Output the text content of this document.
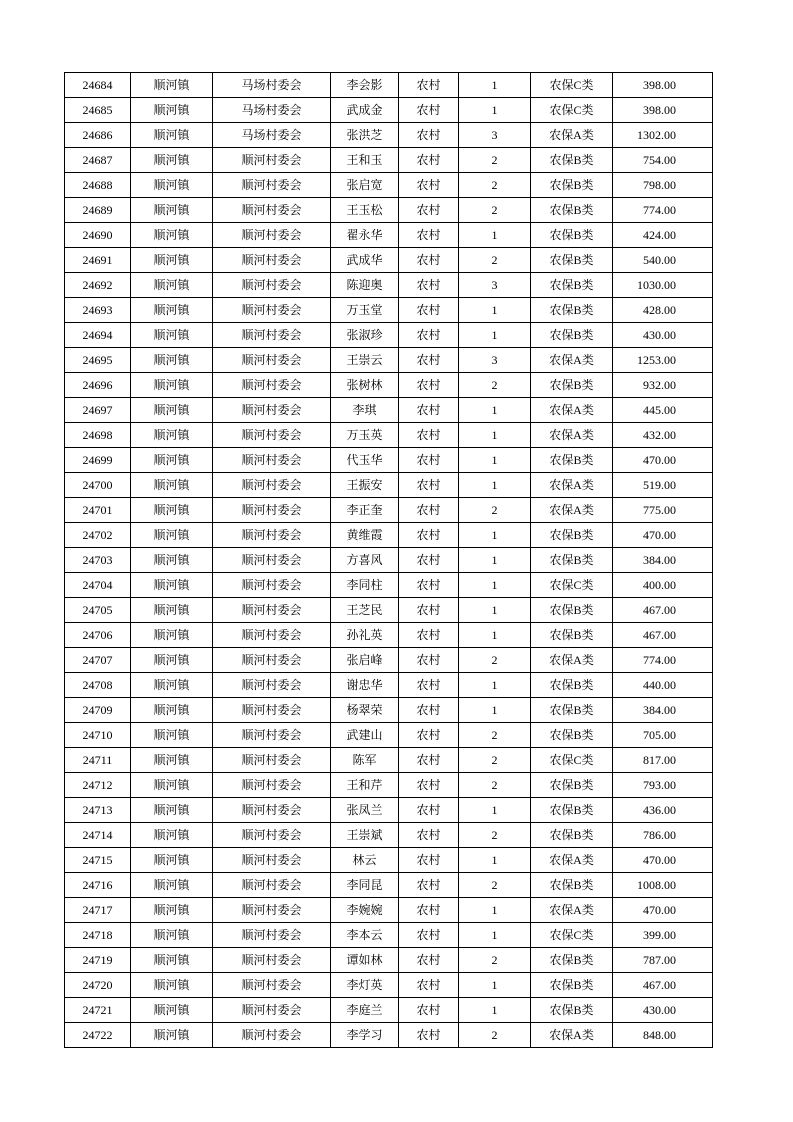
24684	顺河镇	马场村委会	李会影	农村	1	农保C类	398.00
24685	顺河镇	马场村委会	武成金	农村	1	农保C类	398.00
24686	顺河镇	马场村委会	张洪芝	农村	3	农保A类	1302.00
24687	顺河镇	顺河村委会	王和玉	农村	2	农保B类	754.00
24688	顺河镇	顺河村委会	张启宽	农村	2	农保B类	798.00
24689	顺河镇	顺河村委会	王玉松	农村	2	农保B类	774.00
24690	顺河镇	顺河村委会	翟永华	农村	1	农保B类	424.00
24691	顺河镇	顺河村委会	武成华	农村	2	农保B类	540.00
24692	顺河镇	顺河村委会	陈迎奥	农村	3	农保B类	1030.00
24693	顺河镇	顺河村委会	万玉堂	农村	1	农保B类	428.00
24694	顺河镇	顺河村委会	张淑珍	农村	1	农保B类	430.00
24695	顺河镇	顺河村委会	王崇云	农村	3	农保A类	1253.00
24696	顺河镇	顺河村委会	张树林	农村	2	农保B类	932.00
24697	顺河镇	顺河村委会	李琪	农村	1	农保A类	445.00
24698	顺河镇	顺河村委会	万玉英	农村	1	农保A类	432.00
24699	顺河镇	顺河村委会	代玉华	农村	1	农保B类	470.00
24700	顺河镇	顺河村委会	王振安	农村	1	农保A类	519.00
24701	顺河镇	顺河村委会	李正奎	农村	2	农保A类	775.00
24702	顺河镇	顺河村委会	黄维霞	农村	1	农保B类	470.00
24703	顺河镇	顺河村委会	方喜风	农村	1	农保B类	384.00
24704	顺河镇	顺河村委会	李同柱	农村	1	农保C类	400.00
24705	顺河镇	顺河村委会	王芝民	农村	1	农保B类	467.00
24706	顺河镇	顺河村委会	孙礼英	农村	1	农保B类	467.00
24707	顺河镇	顺河村委会	张启峰	农村	2	农保A类	774.00
24708	顺河镇	顺河村委会	谢忠华	农村	1	农保B类	440.00
24709	顺河镇	顺河村委会	杨翠荣	农村	1	农保B类	384.00
24710	顺河镇	顺河村委会	武建山	农村	2	农保B类	705.00
24711	顺河镇	顺河村委会	陈军	农村	2	农保C类	817.00
24712	顺河镇	顺河村委会	王和芹	农村	2	农保B类	793.00
24713	顺河镇	顺河村委会	张凤兰	农村	1	农保B类	436.00
24714	顺河镇	顺河村委会	王崇斌	农村	2	农保B类	786.00
24715	顺河镇	顺河村委会	林云	农村	1	农保A类	470.00
24716	顺河镇	顺河村委会	李同昆	农村	2	农保B类	1008.00
24717	顺河镇	顺河村委会	李婉婉	农村	1	农保A类	470.00
24718	顺河镇	顺河村委会	李本云	农村	1	农保C类	399.00
24719	顺河镇	顺河村委会	谭如林	农村	2	农保B类	787.00
24720	顺河镇	顺河村委会	李灯英	农村	1	农保B类	467.00
24721	顺河镇	顺河村委会	李庭兰	农村	1	农保B类	430.00
24722	顺河镇	顺河村委会	李学习	农村	2	农保A类	848.00
